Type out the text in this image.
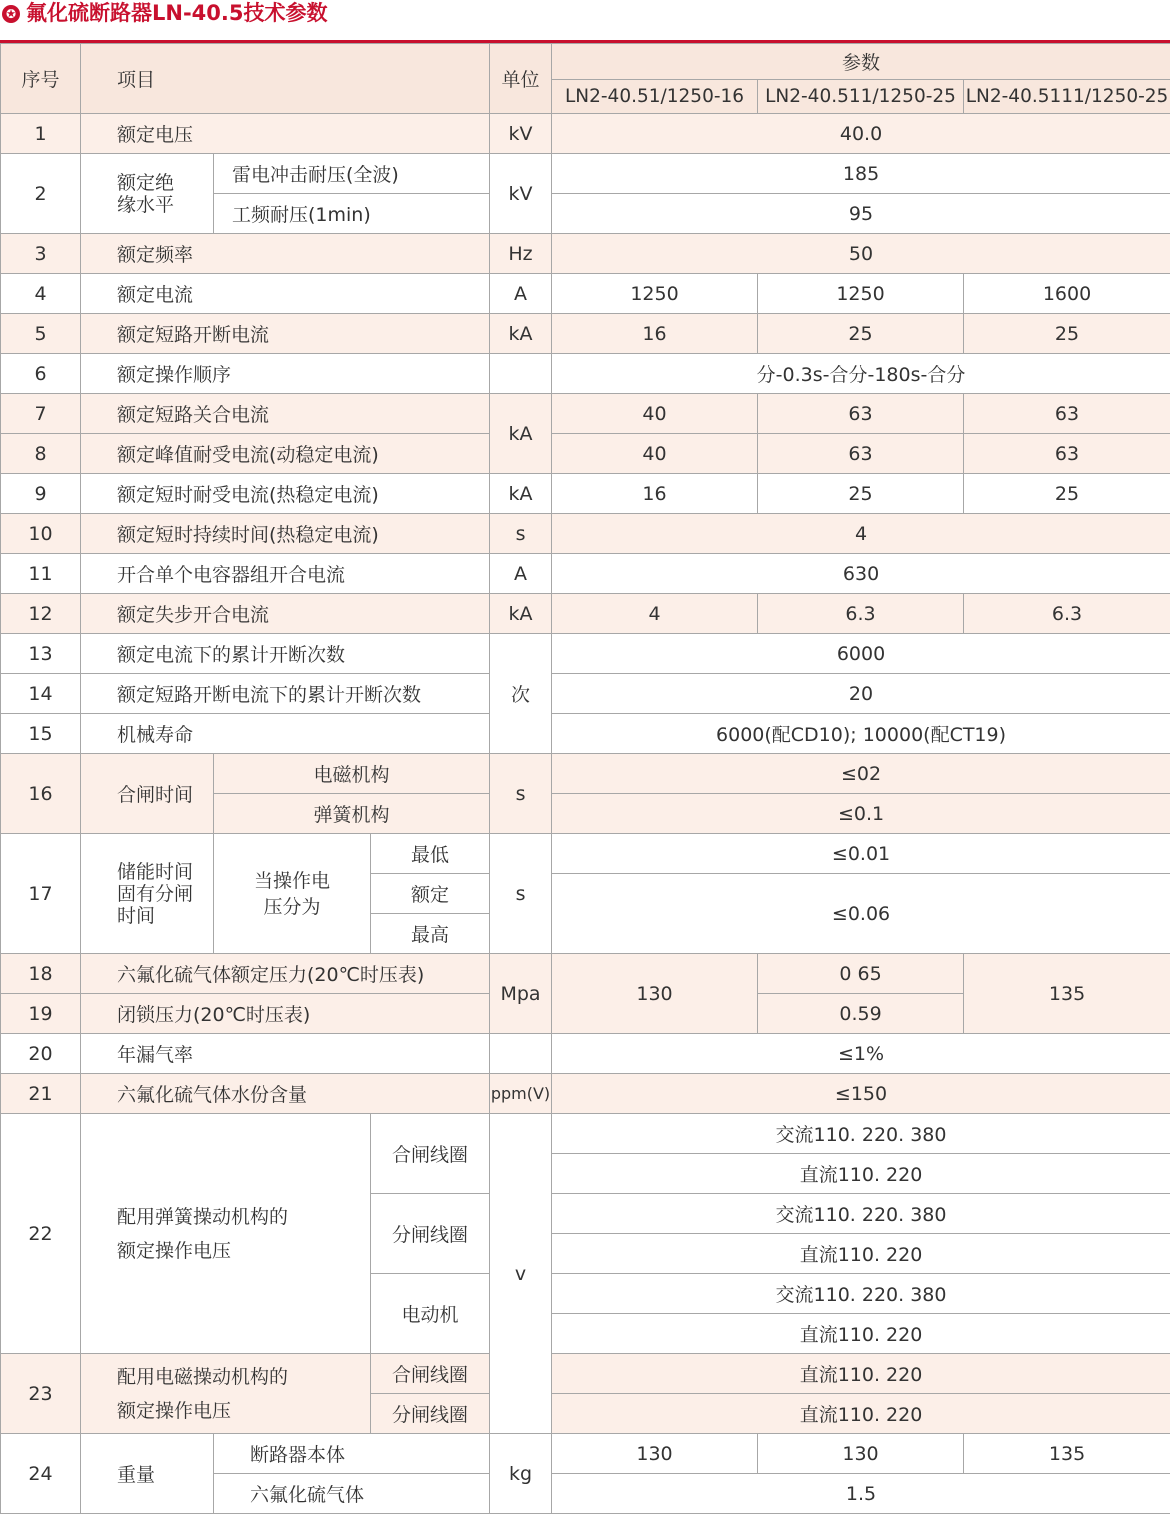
✪ 氟化硫断路器LN-40.5技术参数
序号	项目			单位	参数		
					LN2-40.51/1250-16	LN2-40.511/1250-25	LN2-40.5111/1250-25
1	额定电压			kV	40.0		
2	额定绝缘水平	雷电冲击耐压(全波)		kV	185		
		工频耐压(1min)			95		
3	额定频率			Hz	50		
4	额定电流			A	1250	1250	1600
5	额定短路开断电流			kA	16	25	25
6	额定操作顺序				分-0.3s-合分-180s-合分		
7	额定短路关合电流			kA	40	63	63
8	额定峰值耐受电流(动稳定电流)				40	63	63
9	额定短时耐受电流(热稳定电流)			kA	16	25	25
10	额定短时持续时间(热稳定电流)			s	4		
11	开合单个电容器组开合电流			A	630		
12	额定失步开合电流			kA	4	6.3	6.3
13	额定电流下的累计开断次数			次	6000		
14	额定短路开断电流下的累计开断次数				20		
15	机械寿命				6000(配CD10); 10000(配CT19)		
16	合闸时间	电磁机构		s	≤02		
		弹簧机构			≤0.1		
17	储能时间固有分闸时间	当操作电压分为	最低	s	≤0.01		
			额定		≤0.06		
			最高				
18	六氟化硫气体额定压力(20℃时压表)			Mpa	130	0 65	135
19	闭锁压力(20℃时压表)					0.59	
20	年漏气率				≤1%		
21	六氟化硫气体水份含量			ppm(V)	≤150		
22	配用弹簧操动机构的额定操作电压		合闸线圈	v	交流110. 220. 380		
					直流110. 220		
			分闸线圈		交流110. 220. 380		
					直流110. 220		
			电动机		交流110. 220. 380		
					直流110. 220		
23	配用电磁操动机构的额定操作电压		合闸线圈		直流110. 220		
			分闸线圈		直流110. 220		
24	重量	断路器本体		kg	130	130	135
		六氟化硫气体			1.5		
